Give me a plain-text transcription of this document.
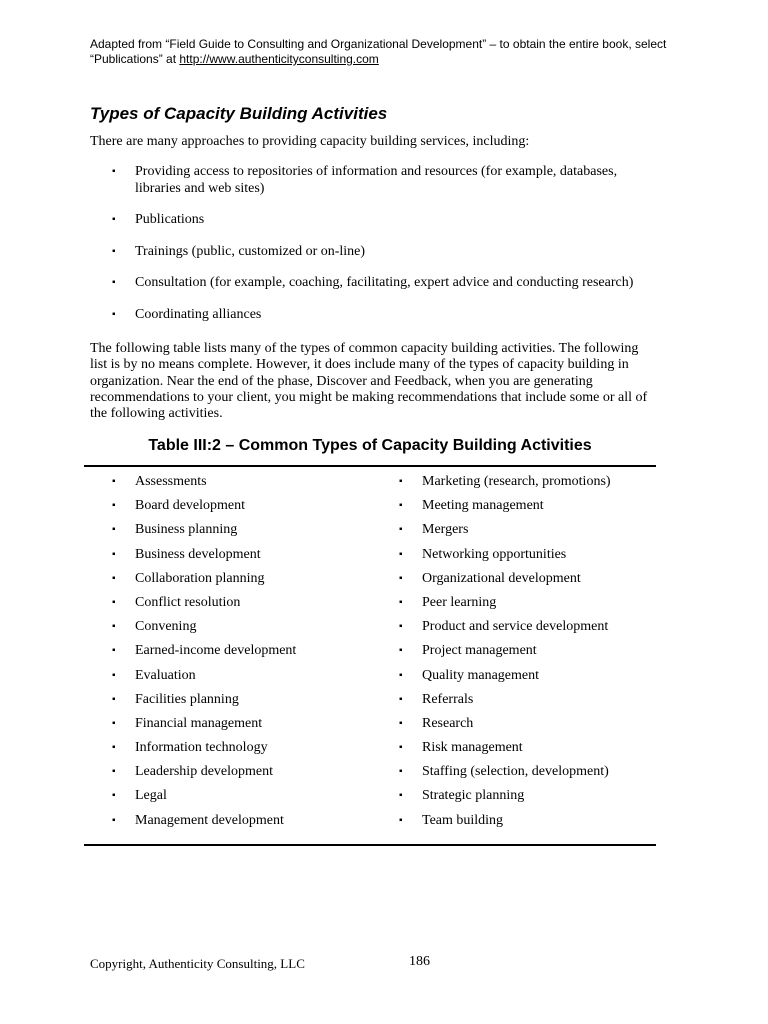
Adapted from “Field Guide to Consulting and Organizational Development” – to obtain the entire book, select “Publications” at http://www.authenticityconsulting.com
Types of Capacity Building Activities
There are many approaches to providing capacity building services, including:
▪ Providing access to repositories of information and resources (for example, databases, libraries and web sites)
▪ Publications
▪ Trainings (public, customized or on-line)
▪ Consultation (for example, coaching, facilitating, expert advice and conducting research)
▪ Coordinating alliances
The following table lists many of the types of common capacity building activities. The following list is by no means complete. However, it does include many of the types of capacity building in organization. Near the end of the phase, Discover and Feedback, when you are generating recommendations to your client, you might be making recommendations that include some or all of the following activities.
Table III:2 – Common Types of Capacity Building Activities
▪ Assessments
▪ Board development
▪ Business planning
▪ Business development
▪ Collaboration planning
▪ Conflict resolution
▪ Convening
▪ Earned-income development
▪ Evaluation
▪ Facilities planning
▪ Financial management
▪ Information technology
▪ Leadership development
▪ Legal
▪ Management development
▪ Marketing (research, promotions)
▪ Meeting management
▪ Mergers
▪ Networking opportunities
▪ Organizational development
▪ Peer learning
▪ Product and service development
▪ Project management
▪ Quality management
▪ Referrals
▪ Research
▪ Risk management
▪ Staffing (selection, development)
▪ Strategic planning
▪ Team building
Copyright, Authenticity Consulting, LLC	186
